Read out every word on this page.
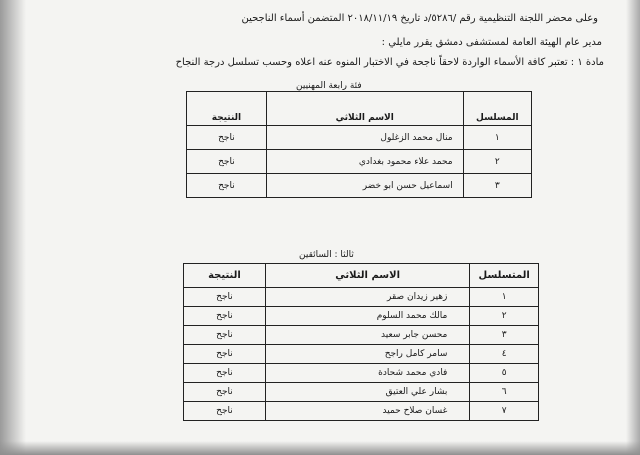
وعلى محضر اللجنة التنظيمية رقم /٥٢٨٦/د تاريخ ٢٠١٨/١١/١٩ المتضمن أسماء الناجحين
مدير عام الهيئة العامة لمستشفى دمشق يقرر مايلي :
مادة ١ : تعتبر كافة الأسماء الواردة لاحقاً ناجحة في الاختبار المنوه عنه اعلاه وحسب تسلسل درجة النجاح
فئة رابعة المهنيين
المسلسل	الاسم الثلاثي	النتيجة
١	منال محمد الزغلول	ناجح
٢	محمد علاء محمود بغدادي	ناجح
٣	اسماعيل حسن ابو خضر	ناجح
ثالثا : السائقين
المتسلسل	الاسم الثلاثي	النتيجة
١	زهير زيدان صقر	ناجح
٢	مالك محمد السلوم	ناجح
٣	محسن جابر سعيد	ناجح
٤	سامر كامل راجح	ناجح
٥	فادي محمد شحادة	ناجح
٦	بشار علي العتيق	ناجح
٧	غسان صلاح حميد	ناجح
